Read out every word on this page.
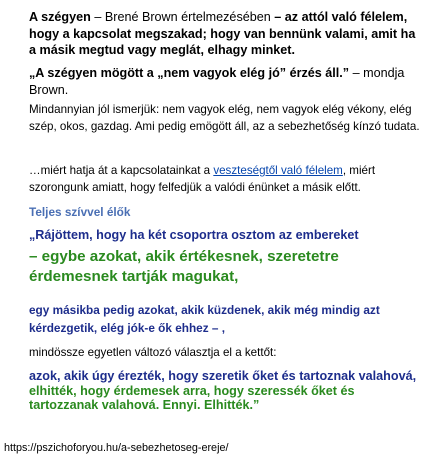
A szégyen – Brené Brown értelmezésében – az attól való félelem, hogy a kapcsolat megszakad; hogy van bennünk valami, amit ha a másik megtud vagy meglát, elhagy minket.

„A szégyen mögött a „nem vagyok elég jó” érzés áll.” – mondja Brown.

Mindannyian jól ismerjük: nem vagyok elég, nem vagyok elég vékony, elég szép, okos, gazdag. Ami pedig emögött áll, az a sebezhetőség kínzó tudata.

…miért hatja át a kapcsolatainkat a veszteségtől való félelem, miért szorongunk amiatt, hogy felfedjük a valódi énünket a másik előtt.

Teljes szívvel élők

„Rájöttem, hogy ha két csoportra osztom az embereket

– egybe azokat, akik értékesnek, szeretetre érdemesnek tartják magukat,

egy másikba pedig azokat, akik küzdenek, akik még mindig azt kérdezgetik, elég jók-e ők ehhez – ,

mindössze egyetlen változó választja el a kettőt:

azok, akik úgy érezték, hogy szeretik őket és tartoznak valahová,
elhitték, hogy érdemesek arra, hogy szeressék őket és tartozzanak valahová. Ennyi. Elhitték.”

https://pszichoforyou.hu/a-sebezhetoseg-ereje/
